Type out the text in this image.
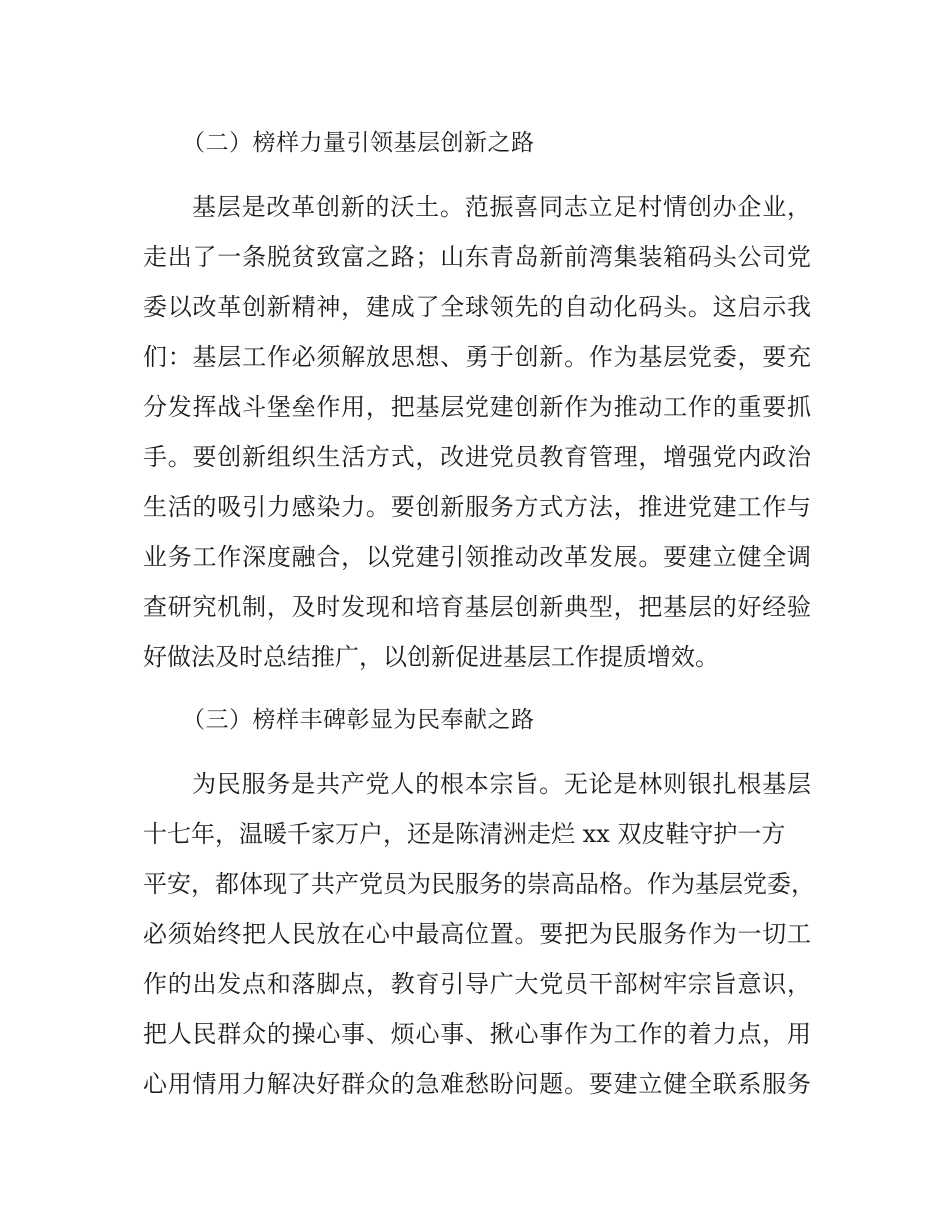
（二）榜样力量引领基层创新之路
基层是改革创新的沃土。范振喜同志立足村情创办企业，
走出了一条脱贫致富之路；山东青岛新前湾集装箱码头公司党
委以改革创新精神，建成了全球领先的自动化码头。这启示我
们：基层工作必须解放思想、勇于创新。作为基层党委，要充
分发挥战斗堡垒作用，把基层党建创新作为推动工作的重要抓
手。要创新组织生活方式，改进党员教育管理，增强党内政治
生活的吸引力感染力。要创新服务方式方法，推进党建工作与
业务工作深度融合，以党建引领推动改革发展。要建立健全调
查研究机制，及时发现和培育基层创新典型，把基层的好经验
好做法及时总结推广，以创新促进基层工作提质增效。
（三）榜样丰碑彰显为民奉献之路
为民服务是共产党人的根本宗旨。无论是林则银扎根基层
十七年，温暖千家万户，还是陈清洲走烂 xx 双皮鞋守护一方
平安，都体现了共产党员为民服务的崇高品格。作为基层党委，
必须始终把人民放在心中最高位置。要把为民服务作为一切工
作的出发点和落脚点，教育引导广大党员干部树牢宗旨意识，
把人民群众的操心事、烦心事、揪心事作为工作的着力点，用
心用情用力解决好群众的急难愁盼问题。要建立健全联系服务
